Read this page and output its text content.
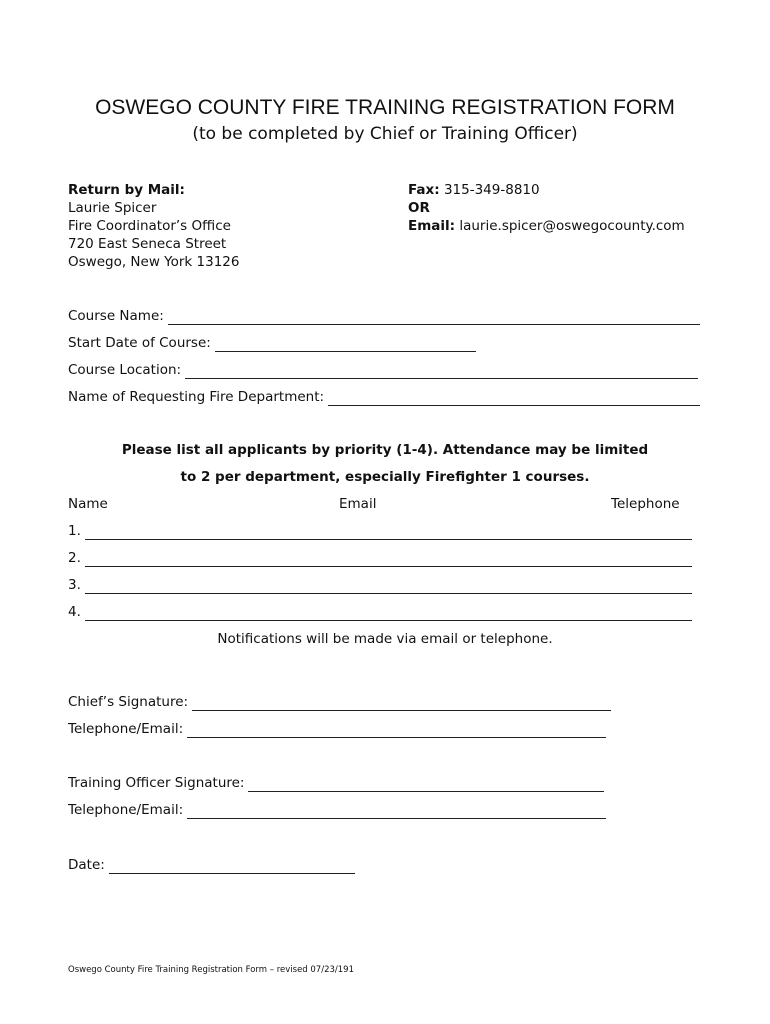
OSWEGO COUNTY FIRE TRAINING REGISTRATION FORM
(to be completed by Chief or Training Officer)
Return by Mail:
Laurie Spicer
Fire Coordinator’s Office
720 East Seneca Street
Oswego, New York 13126
Fax: 315-349-8810
OR
Email: laurie.spicer@oswegocounty.com
Course Name:
Start Date of Course:
Course Location:
Name of Requesting Fire Department:
Please list all applicants by priority (1-4). Attendance may be limited
to 2 per department, especially Firefighter 1 courses.
Name	Email	Telephone
1.
2.
3.
4.
Notifications will be made via email or telephone.
Chief’s Signature:
Telephone/Email:
Training Officer Signature:
Telephone/Email:
Date:
Oswego County Fire Training Registration Form – revised 07/23/191
